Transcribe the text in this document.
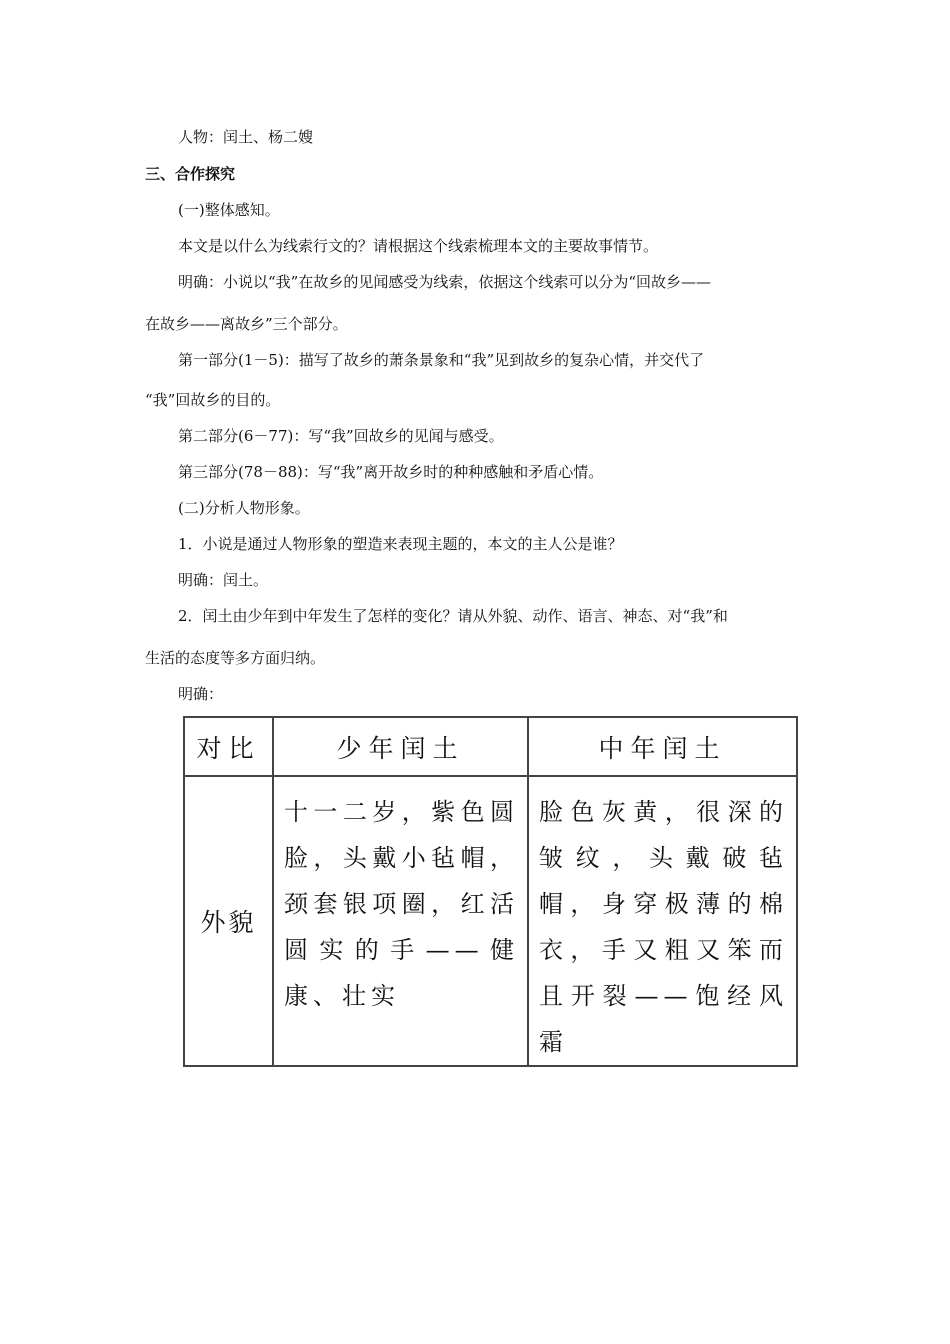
人物：闰土、杨二嫂
三、合作探究
(一)整体感知。
本文是以什么为线索行文的？请根据这个线索梳理本文的主要故事情节。
明确：小说以“我”在故乡的见闻感受为线索，依据这个线索可以分为“回故乡——
在故乡——离故乡”三个部分。
第一部分(1－5)：描写了故乡的萧条景象和“我”见到故乡的复杂心情，并交代了
“我”回故乡的目的。
第二部分(6－77)：写“我”回故乡的见闻与感受。
第三部分(78－88)：写“我”离开故乡时的种种感触和矛盾心情。
(二)分析人物形象。
1．小说是通过人物形象的塑造来表现主题的，本文的主人公是谁？
明确：闰土。
2．闰土由少年到中年发生了怎样的变化？请从外貌、动作、语言、神态、对“我”和
生活的态度等多方面归纳。
明确：
对比	少年闰土	中年闰土
外貌	十一二岁，紫色圆脸，头戴小毡帽，颈套银项圈，红活圆实的手——健康、壮实	脸色灰黄，很深的皱纹，头戴破毡帽，身穿极薄的棉衣，手又粗又笨而且开裂——饱经风霜
